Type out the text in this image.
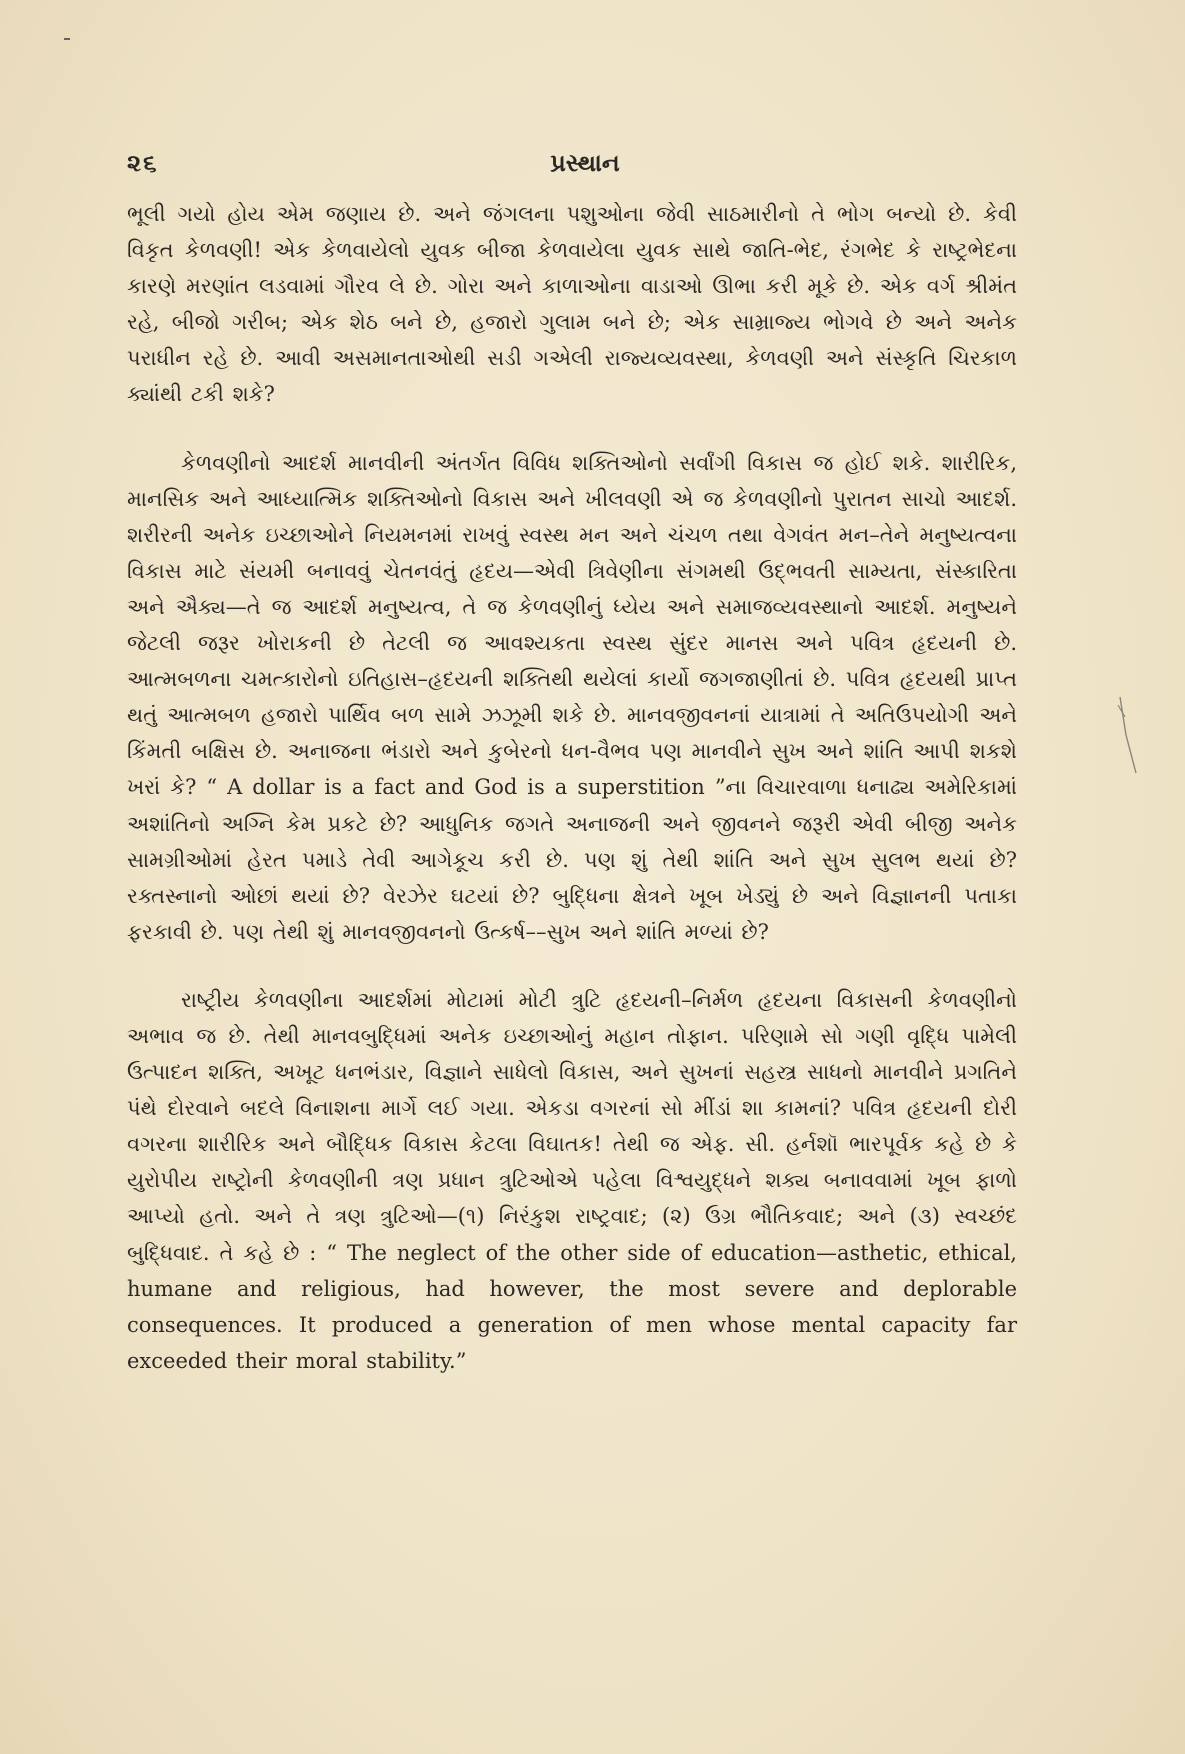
૨૬	પ્રસ્થાન

ભૂલી ગયો હોય એમ જણાય છે. અને જંગલના પશુઓના જેવી સાઠમારીનો તે ભોગ બન્યો છે. કેવી વિકૃત કેળવણી! એક કેળવાયેલો યુવક બીજા કેળવાયેલા યુવક સાથે જાતિ-ભેદ, રંગભેદ કે રાષ્ટ્રભેદના કારણે મરણાંત લડવામાં ગૌરવ લે છે. ગોરા અને કાળાઓના વાડાઓ ઊભા કરી મૂકે છે. એક વર્ગ શ્રીમંત રહે, બીજો ગરીબ; એક શેઠ બને છે, હજારો ગુલામ બને છે; એક સામ્રાજ્ય ભોગવે છે અને અનેક પરાધીન રહે છે. આવી અસમાનતાઓથી સડી ગએલી રાજ્યવ્યવસ્થા, કેળવણી અને સંસ્કૃતિ ચિરકાળ ક્યાંથી ટકી શકે?

કેળવણીનો આદર્શ માનવીની અંતર્ગત વિવિધ શક્તિઓનો સર્વાંગી વિકાસ જ હોઈ શકે. શારીરિક, માનસિક અને આધ્યાત્મિક શક્તિઓનો વિકાસ અને ખીલવણી એ જ કેળવણીનો પુરાતન સાચો આદર્શ. શરીરની અનેક ઇચ્છાઓને નિયમનમાં રાખવું સ્વસ્થ મન અને ચંચળ તથા વેગવંત મન–તેને મનુષ્યત્વના વિકાસ માટે સંયમી બનાવવું ચેતનવંતું હૃદય—એવી ત્રિવેણીના સંગમથી ઉદ્ભવતી સામ્યતા, સંસ્કારિતા અને ઐક્ય—તે જ આદર્શ મનુષ્યત્વ, તે જ કેળવણીનું ધ્યેય અને સમાજવ્યવસ્થાનો આદર્શ. મનુષ્યને જેટલી જરૂર ખોરાકની છે તેટલી જ આવશ્યકતા સ્વસ્થ સુંદર માનસ અને પવિત્ર હૃદયની છે. આત્મબળના ચમત્કારોનો ઇતિહાસ–હૃદયની શક્તિથી થયેલાં કાર્યો જગજાણીતાં છે. પવિત્ર હૃદયથી પ્રાપ્ત થતું આત્મબળ હજારો પાર્થિવ બળ સામે ઝઝૂમી શકે છે. માનવજીવનનાં યાત્રામાં તે અતિઉપયોગી અને કિંમતી બક્ષિસ છે. અનાજના ભંડારો અને કુબેરનો ધન-વૈભવ પણ માનવીને સુખ અને શાંતિ આપી શકશે ખરાં કે? “ A dollar is a fact and God is a superstition ”ના વિચારવાળા ધનાઢ્ય અમેરિકામાં અશાંતિનો અગ્નિ કેમ પ્રકટે છે? આધુનિક જગતે અનાજની અને જીવનને જરૂરી એવી બીજી અનેક સામગ્રીઓમાં હેરત પમાડે તેવી આગેકૂચ કરી છે. પણ શું તેથી શાંતિ અને સુખ સુલભ થયાં છે? રક્તસ્નાનો ઓછાં થયાં છે? વેરઝેર ઘટયાં છે? બુદ્ધિના ક્ષેત્રને ખૂબ ખેડ્યું છે અને વિજ્ઞાનની પતાકા ફરકાવી છે. પણ તેથી શું માનવજીવનનો ઉત્કર્ષ––સુખ અને શાંતિ મળ્યાં છે?

રાષ્ટ્રીય કેળવણીના આદર્શમાં મોટામાં મોટી ત્રુટિ હૃદયની–નિર્મળ હૃદયના વિકાસની કેળવણીનો અભાવ જ છે. તેથી માનવબુદ્ધિમાં અનેક ઇચ્છાઓનું મહાન તોફાન. પરિણામે સો ગણી વૃદ્ધિ પામેલી ઉત્પાદન શક્તિ, અખૂટ ધનભંડાર, વિજ્ઞાને સાધેલો વિકાસ, અને સુખનાં સહસ્ત્ર સાધનો માનવીને પ્રગતિને પંથે દોરવાને બદલે વિનાશના માર્ગે લઈ ગયા. એકડા વગરનાં સો મીંડાં શા કામનાં? પવિત્ર હૃદયની દોરી વગરના શારીરિક અને બૌદ્ધિક વિકાસ કેટલા વિઘાતક! તેથી જ એફ. સી. હર્નશૉ ભારપૂર્વક કહે છે કે યુરોપીય રાષ્ટ્રોની કેળવણીની ત્રણ પ્રધાન ત્રુટિઓએ પહેલા વિશ્વયુદ્ધને શક્ય બનાવવામાં ખૂબ ફાળો આપ્યો હતો. અને તે ત્રણ ત્રુટિઓ—(૧) નિરંકુશ રાષ્ટ્રવાદ; (૨) ઉગ્ર ભૌતિકવાદ; અને (૩) સ્વચ્છંદ બુદ્ધિવાદ. તે કહે છે : “ The neglect of the other side of education—asthetic, ethical, humane and religious, had however, the most severe and deplorable consequences. It produced a generation of men whose mental capacity far exceeded their moral stability.”
